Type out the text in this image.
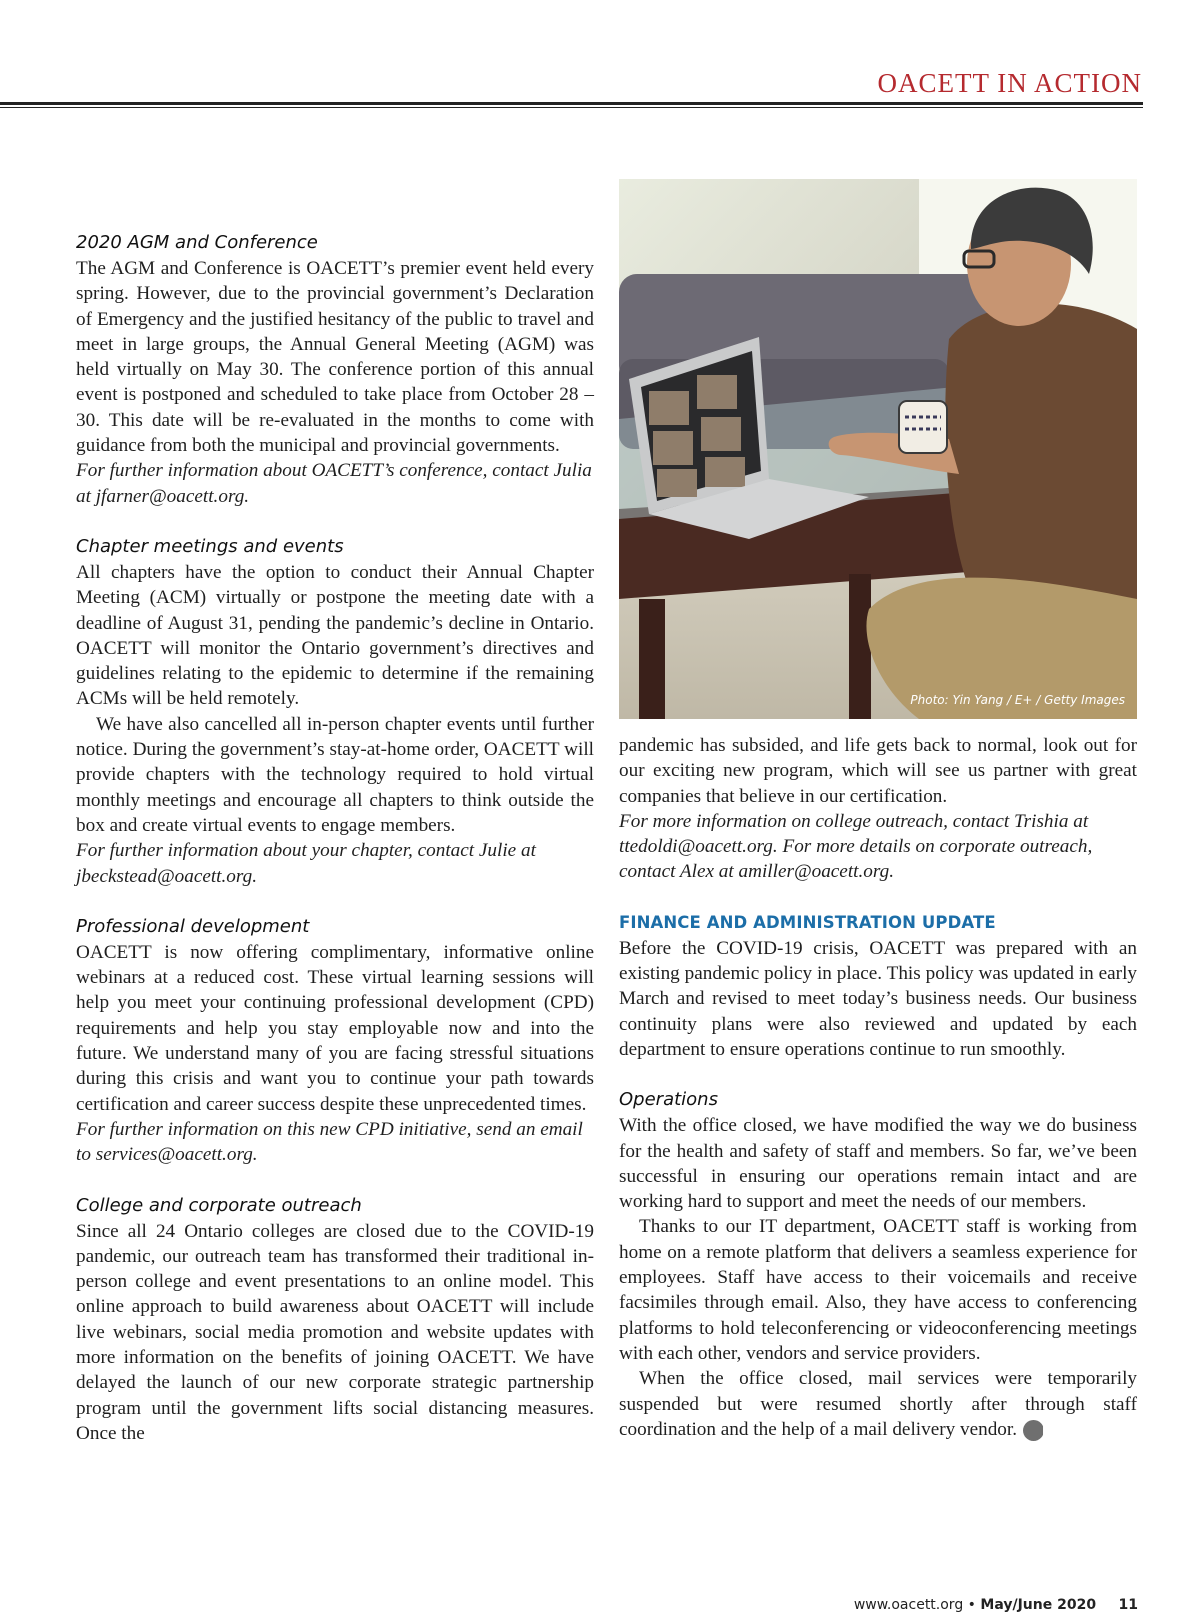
OACETT IN ACTION
Photo: Yin Yang / E+ / Getty Images
2020 AGM and Conference

The AGM and Conference is OACETT’s premier event held every spring. However, due to the provincial government’s Declaration of Emergency and the justified hesitancy of the public to travel and meet in large groups, the Annual General Meeting (AGM) was held virtually on May 30. The conference portion of this annual event is postponed and scheduled to take place from October 28 – 30. This date will be re-evaluated in the months to come with guidance from both the municipal and provincial governments.

For further information about OACETT’s conference, contact Julia at jfarner@oacett.org.

Chapter meetings and events

All chapters have the option to conduct their Annual Chapter Meeting (ACM) virtually or postpone the meeting date with a deadline of August 31, pending the pandemic’s decline in Ontario. OACETT will monitor the Ontario government’s directives and guidelines relating to the epidemic to determine if the remaining ACMs will be held remotely.

We have also cancelled all in-person chapter events until further notice. During the government’s stay-at-home order, OACETT will provide chapters with the technology required to hold virtual monthly meetings and encourage all chapters to think outside the box and create virtual events to engage members.

For further information about your chapter, contact Julie at jbeckstead@oacett.org.

Professional development

OACETT is now offering complimentary, informative online webinars at a reduced cost. These virtual learning sessions will help you meet your continuing professional development (CPD) requirements and help you stay employable now and into the future. We understand many of you are facing stressful situations during this crisis and want you to continue your path towards certification and career success despite these unprecedented times.

For further information on this new CPD initiative, send an email to services@oacett.org.

College and corporate outreach

Since all 24 Ontario colleges are closed due to the COVID-19 pandemic, our outreach team has transformed their traditional in-person college and event presentations to an online model. This online approach to build awareness about OACETT will include live webinars, social media promotion and website updates with more information on the benefits of joining OACETT. We have delayed the launch of our new corporate strategic partnership program until the government lifts social distancing measures. Once the

pandemic has subsided, and life gets back to normal, look out for our exciting new program, which will see us partner with great companies that believe in our certification.

For more information on college outreach, contact Trishia at ttedoldi@oacett.org. For more details on corporate outreach, contact Alex at amiller@oacett.org.

FINANCE AND ADMINISTRATION UPDATE

Before the COVID-19 crisis, OACETT was prepared with an existing pandemic policy in place. This policy was updated in early March and revised to meet today’s business needs. Our business continuity plans were also reviewed and updated by each department to ensure operations continue to run smoothly.

Operations

With the office closed, we have modified the way we do business for the health and safety of staff and members. So far, we’ve been successful in ensuring our operations remain intact and are working hard to support and meet the needs of our members.

Thanks to our IT department, OACETT staff is working from home on a remote platform that delivers a seamless experience for employees. Staff have access to their voicemails and receive facsimiles through email. Also, they have access to conferencing platforms to hold teleconferencing or videoconferencing meetings with each other, vendors and service providers.

When the office closed, mail services were temporarily suspended but were resumed shortly after through staff coordination and the help of a mail delivery vendor. ▶

www.oacett.org • May/June 2020 11
